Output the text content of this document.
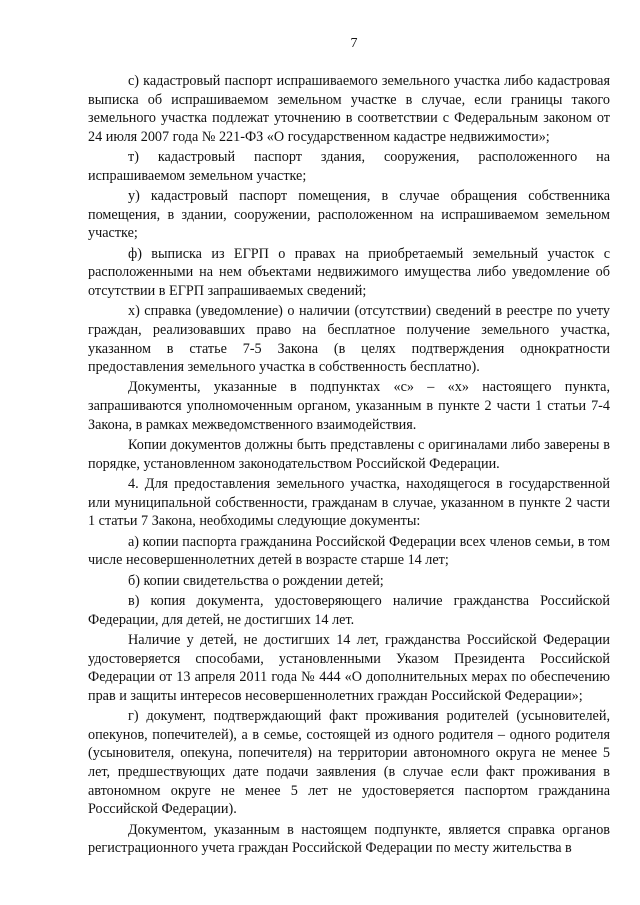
7

с) кадастровый паспорт испрашиваемого земельного участка либо кадастровая выписка об испрашиваемом земельном участке в случае, если границы такого земельного участка подлежат уточнению в соответствии с Федеральным законом от 24 июля 2007 года № 221-ФЗ «О государственном кадастре недвижимости»;

т) кадастровый паспорт здания, сооружения, расположенного на испрашиваемом земельном участке;

у) кадастровый паспорт помещения, в случае обращения собственника помещения, в здании, сооружении, расположенном на испрашиваемом земельном участке;

ф) выписка из ЕГРП о правах на приобретаемый земельный участок с расположенными на нем объектами недвижимого имущества либо уведомление об отсутствии в ЕГРП запрашиваемых сведений;

х) справка (уведомление) о наличии (отсутствии) сведений в реестре по учету граждан, реализовавших право на бесплатное получение земельного участка, указанном в статье 7-5 Закона (в целях подтверждения однократности предоставления земельного участка в собственность бесплатно).

Документы, указанные в подпунктах «с» – «х» настоящего пункта, запрашиваются уполномоченным органом, указанным в пункте 2 части 1 статьи 7-4 Закона, в рамках межведомственного взаимодействия.

Копии документов должны быть представлены с оригиналами либо заверены в порядке, установленном законодательством Российской Федерации.

4. Для предоставления земельного участка, находящегося в государственной или муниципальной собственности, гражданам в случае, указанном в пункте 2 части 1 статьи 7 Закона, необходимы следующие документы:

а) копии паспорта гражданина Российской Федерации всех членов семьи, в том числе несовершеннолетних детей в возрасте старше 14 лет;

б) копии свидетельства о рождении детей;

в) копия документа, удостоверяющего наличие гражданства Российской Федерации, для детей, не достигших 14 лет.

Наличие у детей, не достигших 14 лет, гражданства Российской Федерации удостоверяется способами, установленными Указом Президента Российской Федерации от 13 апреля 2011 года № 444 «О дополнительных мерах по обеспечению прав и защиты интересов несовершеннолетних граждан Российской Федерации»;

г) документ, подтверждающий факт проживания родителей (усыновителей, опекунов, попечителей), а в семье, состоящей из одного родителя – одного родителя (усыновителя, опекуна, попечителя) на территории автономного округа не менее 5 лет, предшествующих дате подачи заявления (в случае если факт проживания в автономном округе не менее 5 лет не удостоверяется паспортом гражданина Российской Федерации).

Документом, указанным в настоящем подпункте, является справка органов регистрационного учета граждан Российской Федерации по месту жительства в
